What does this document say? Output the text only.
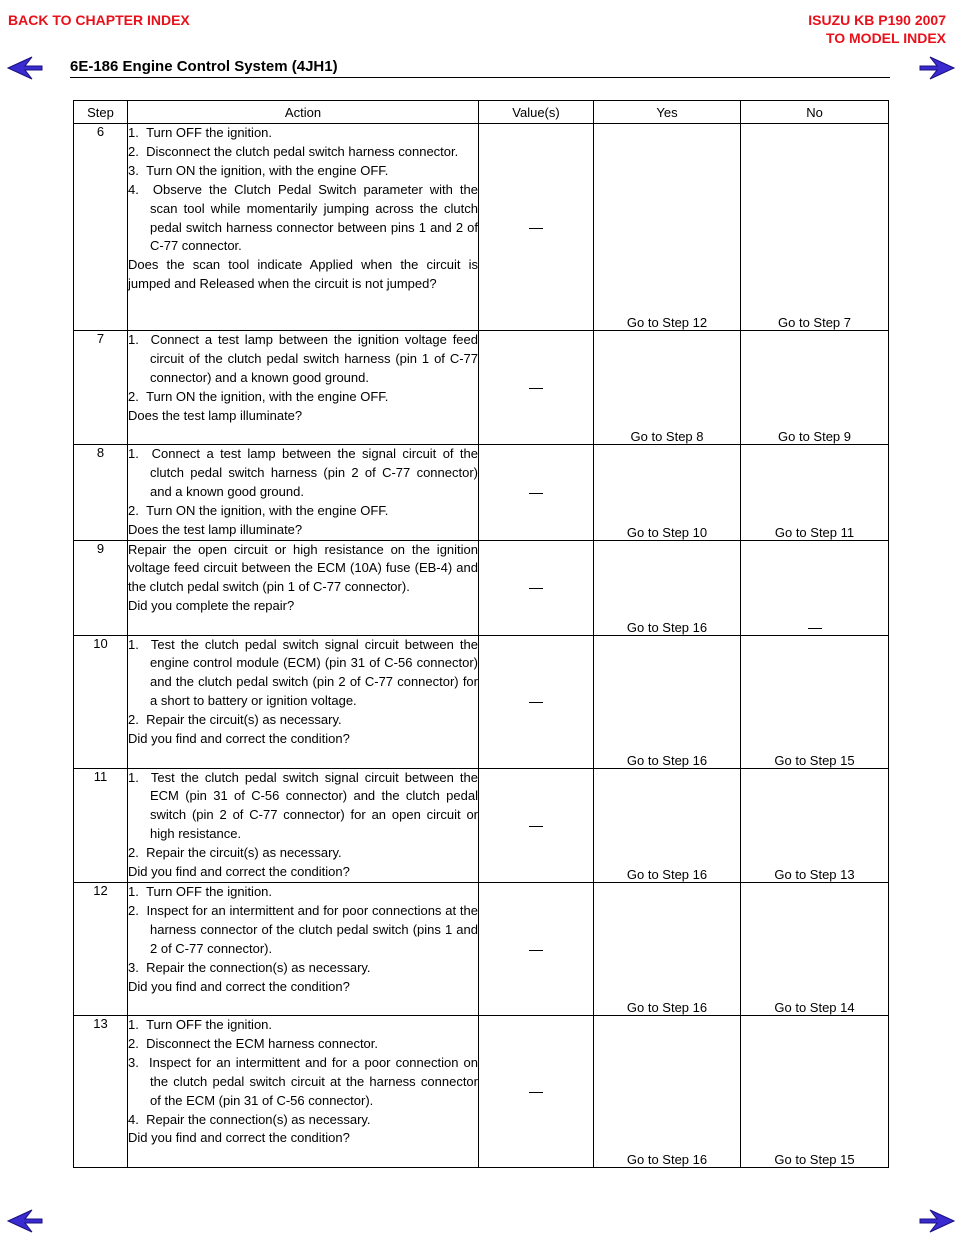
BACK TO CHAPTER INDEX	ISUZU KB P190 2007
TO MODEL INDEX
6E-186 Engine Control System (4JH1)
Step	Action	Value(s)	Yes	No
6	1.  Turn OFF the ignition.
2.  Disconnect the clutch pedal switch harness connector.
3.  Turn ON the ignition, with the engine OFF.
4.  Observe the Clutch Pedal Switch parameter with the scan tool while momentarily jumping across the clutch pedal switch harness connector between pins 1 and 2 of C-77 connector.
Does the scan tool indicate Applied when the circuit is jumped and Released when the circuit is not jumped?		Go to Step 12	Go to Step 7
7	1.  Connect a test lamp between the ignition voltage feed circuit of the clutch pedal switch harness (pin 1 of C-77 connector) and a known good ground.
2.  Turn ON the ignition, with the engine OFF.
Does the test lamp illuminate?		Go to Step 8	Go to Step 9
8	1.  Connect a test lamp between the signal circuit of the clutch pedal switch harness (pin 2 of C-77 connector) and a known good ground.
2.  Turn ON the ignition, with the engine OFF.
Does the test lamp illuminate?		Go to Step 10	Go to Step 11
9	Repair the open circuit or high resistance on the ignition voltage feed circuit between the ECM (10A) fuse (EB-4) and the clutch pedal switch (pin 1 of C-77 connector).
Did you complete the repair?		Go to Step 16	
10	1.  Test the clutch pedal switch signal circuit between the engine control module (ECM) (pin 31 of C-56 connector) and the clutch pedal switch (pin 2 of C-77 connector) for a short to battery or ignition voltage.
2.  Repair the circuit(s) as necessary.
Did you find and correct the condition?		Go to Step 16	Go to Step 15
11	1.  Test the clutch pedal switch signal circuit between the ECM (pin 31 of C-56 connector) and the clutch pedal switch (pin 2 of C-77 connector) for an open circuit or high resistance.
2.  Repair the circuit(s) as necessary.
Did you find and correct the condition?		Go to Step 16	Go to Step 13
12	1.  Turn OFF the ignition.
2.  Inspect for an intermittent and for poor connections at the harness connector of the clutch pedal switch (pins 1 and 2 of C-77 connector).
3.  Repair the connection(s) as necessary.
Did you find and correct the condition?		Go to Step 16	Go to Step 14
13	1.  Turn OFF the ignition.
2.  Disconnect the ECM harness connector.
3.  Inspect for an intermittent and for a poor connection on the clutch pedal switch circuit at the harness connector of the ECM (pin 31 of C-56 connector).
4.  Repair the connection(s) as necessary.
Did you find and correct the condition?		Go to Step 16	Go to Step 15
